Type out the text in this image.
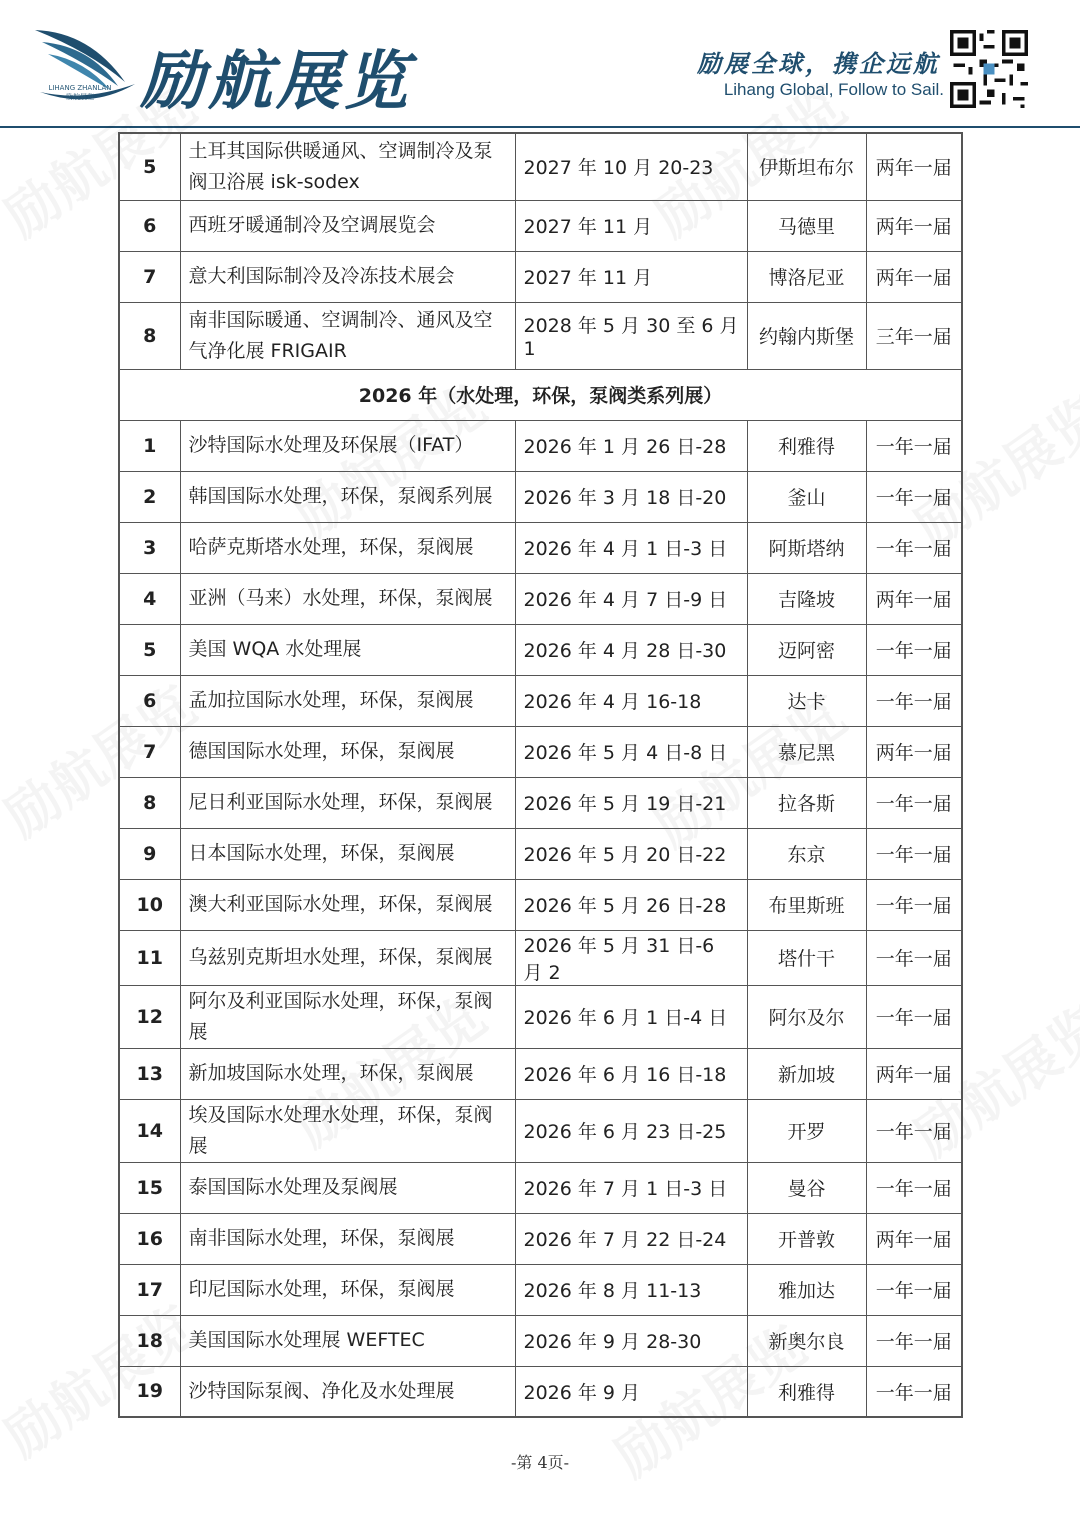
LIHANG ZHANLAN
励航展览 励航展览	励展全球，携企远航
Lihang Global, Follow to Sail.
5	土耳其国际供暖通风、空调制冷及泵阀卫浴展 isk-sodex	2027 年 10 月 20-23	伊斯坦布尔	两年一届
6	西班牙暖通制冷及空调展览会	2027 年 11 月	马德里	两年一届
7	意大利国际制冷及冷冻技术展会	2027 年 11 月	博洛尼亚	两年一届
8	南非国际暖通、空调制冷、通风及空气净化展 FRIGAIR	2028 年 5 月 30 至 6 月 1	约翰内斯堡	三年一届
2026 年（水处理，环保，泵阀类系列展）				
1	沙特国际水处理及环保展（IFAT）	2026 年 1 月 26 日-28	利雅得	一年一届
2	韩国国际水处理，环保，泵阀系列展	2026 年 3 月 18 日-20	釜山	一年一届
3	哈萨克斯塔水处理，环保，泵阀展	2026 年 4 月 1 日-3 日	阿斯塔纳	一年一届
4	亚洲（马来）水处理，环保，泵阀展	2026 年 4 月 7 日-9 日	吉隆坡	两年一届
5	美国 WQA 水处理展	2026 年 4 月 28 日-30	迈阿密	一年一届
6	孟加拉国际水处理，环保，泵阀展	2026 年 4 月 16-18	达卡	一年一届
7	德国国际水处理，环保，泵阀展	2026 年 5 月 4 日-8 日	慕尼黑	两年一届
8	尼日利亚国际水处理，环保，泵阀展	2026 年 5 月 19 日-21	拉各斯	一年一届
9	日本国际水处理，环保，泵阀展	2026 年 5 月 20 日-22	东京	一年一届
10	澳大利亚国际水处理，环保，泵阀展	2026 年 5 月 26 日-28	布里斯班	一年一届
11	乌兹别克斯坦水处理，环保，泵阀展	2026 年 5 月 31 日-6 月 2	塔什干	一年一届
12	阿尔及利亚国际水处理，环保，泵阀展	2026 年 6 月 1 日-4 日	阿尔及尔	一年一届
13	新加坡国际水处理，环保，泵阀展	2026 年 6 月 16 日-18	新加坡	两年一届
14	埃及国际水处理水处理，环保，泵阀展	2026 年 6 月 23 日-25	开罗	一年一届
15	泰国国际水处理及泵阀展	2026 年 7 月 1 日-3 日	曼谷	一年一届
16	南非国际水处理，环保，泵阀展	2026 年 7 月 22 日-24	开普敦	两年一届
17	印尼国际水处理，环保，泵阀展	2026 年 8 月 11-13	雅加达	一年一届
18	美国国际水处理展 WEFTEC	2026 年 9 月 28-30	新奥尔良	一年一届
19	沙特国际泵阀、净化及水处理展	2026 年 9 月	利雅得	一年一届
-第 4页-
